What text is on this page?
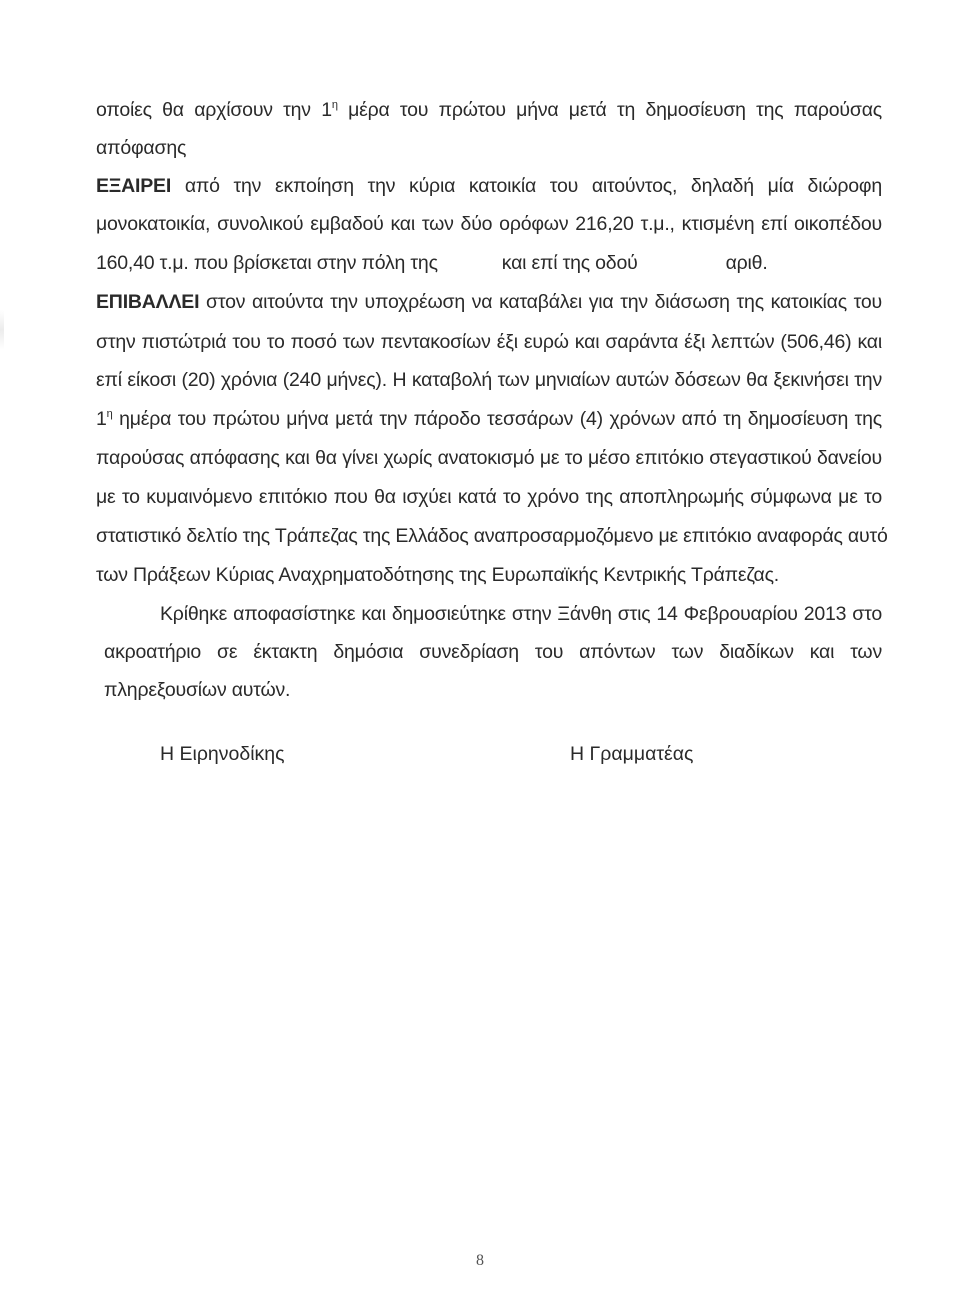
οποίες θα αρχίσουν την $1^\eta$ μέρα του πρώτου μήνα μετά τη δημοσίευση της παρούσας
απόφασης
ΕΞΑΙΡΕΙ από την εκποίηση την κύρια κατοικία του αιτούντος, δηλαδή μία διώροφη
μονοκατοικία, συνολικού εμβαδού και των δύο ορόφων 216,20 τ.μ., κτισμένη επί οικοπέδου
160,40 τ.μ. που βρίσκεται στην πόλη της	και επί της οδού	αριθ.
ΕΠΙΒΑΛΛΕΙ στον αιτούντα την υποχρέωση να καταβάλει για την διάσωση της κατοικίας του
στην πιστώτριά του το ποσό των πεντακοσίων έξι ευρώ και σαράντα έξι λεπτών (506,46) και
επί είκοσι (20) χρόνια (240 μήνες). Η καταβολή των μηνιαίων αυτών δόσεων θα ξεκινήσει την
$1^\eta$ ημέρα του πρώτου μήνα μετά την πάροδο τεσσάρων (4) χρόνων από τη δημοσίευση της
παρούσας απόφασης και θα γίνει χωρίς ανατοκισμό με το μέσο επιτόκιο στεγαστικού δανείου
με το κυμαινόμενο επιτόκιο που θα ισχύει κατά το χρόνο της αποπληρωμής σύμφωνα με το
στατιστικό δελτίο της Τράπεζας της Ελλάδος αναπροσαρμοζόμενο με επιτόκιο αναφοράς αυτό
των Πράξεων Κύριας Αναχρηματοδότησης της Ευρωπαϊκής Κεντρικής Τράπεζας.
Κρίθηκε αποφασίστηκε και δημοσιεύτηκε στην Ξάνθη στις 14 Φεβρουαρίου 2013 στο
ακροατήριο σε έκτακτη δημόσια συνεδρίαση του απόντων των διαδίκων και των
πληρεξουσίων αυτών.
Η Ειρηνοδίκης	Η Γραμματέας
8
